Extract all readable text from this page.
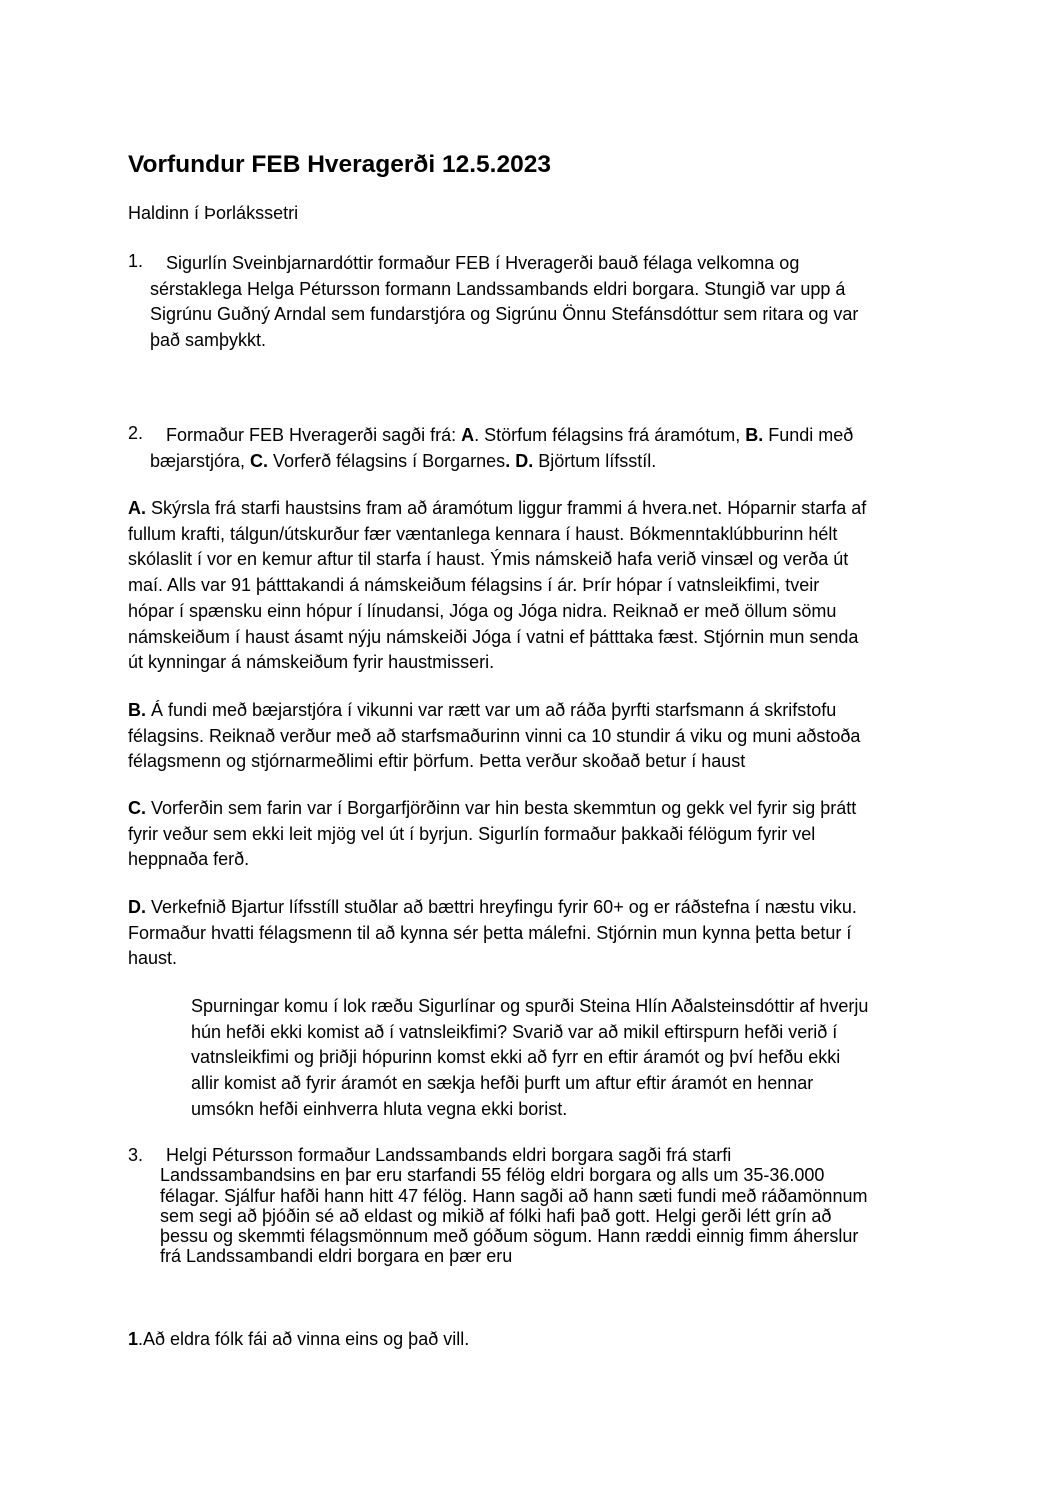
Vorfundur FEB Hveragerði 12.5.2023
Haldinn í Þorlákssetri
1.	Sigurlín Sveinbjarnardóttir formaður FEB í Hveragerði bauð félaga velkomna og
sérstaklega Helga Pétursson formann Landssambands eldri borgara. Stungið var upp á
Sigrúnu Guðný Arndal sem fundarstjóra og Sigrúnu Önnu Stefánsdóttur sem ritara og var
það samþykkt.
2.	Formaður FEB Hveragerði sagði frá: A. Störfum félagsins frá áramótum, B. Fundi með
bæjarstjóra, C. Vorferð félagsins í Borgarnes. D. Björtum lífsstíl.
A. Skýrsla frá starfi haustsins fram að áramótum liggur frammi á hvera.net. Hóparnir starfa af
fullum krafti, tálgun/útskurður fær væntanlega kennara í haust. Bókmenntaklúbburinn hélt
skólaslit í vor en kemur aftur til starfa í haust. Ýmis námskeið hafa verið vinsæl og verða út
maí. Alls var 91 þátttakandi á námskeiðum félagsins í ár. Þrír hópar í vatnsleikfimi, tveir
hópar í spænsku einn hópur í línudansi, Jóga og Jóga nidra. Reiknað er með öllum sömu
námskeiðum í haust ásamt nýju námskeiði Jóga í vatni ef þátttaka fæst. Stjórnin mun senda
út kynningar á námskeiðum fyrir haustmisseri.
B. Á fundi með bæjarstjóra í vikunni var rætt var um að ráða þyrfti starfsmann á skrifstofu
félagsins. Reiknað verður með að starfsmaðurinn vinni ca 10 stundir á viku og muni aðstoða
félagsmenn og stjórnarmeðlimi eftir þörfum. Þetta verður skoðað betur í haust
C. Vorferðin sem farin var í Borgarfjörðinn var hin besta skemmtun og gekk vel fyrir sig þrátt
fyrir veður sem ekki leit mjög vel út í byrjun. Sigurlín formaður þakkaði félögum fyrir vel
heppnaða ferð.
D. Verkefnið Bjartur lífsstíll stuðlar að bættri hreyfingu fyrir 60+ og er ráðstefna í næstu viku.
Formaður hvatti félagsmenn til að kynna sér þetta málefni. Stjórnin mun kynna þetta betur í
haust.
Spurningar komu í lok ræðu Sigurlínar og spurði Steina Hlín Aðalsteinsdóttir af hverju
hún hefði ekki komist að í vatnsleikfimi? Svarið var að mikil eftirspurn hefði verið í
vatnsleikfimi og þriðji hópurinn komst ekki að fyrr en eftir áramót og því hefðu ekki
allir komist að fyrir áramót en sækja hefði þurft um aftur eftir áramót en hennar
umsókn hefði einhverra hluta vegna ekki borist.
3.	Helgi Pétursson formaður Landssambands eldri borgara sagði frá starfi
Landssambandsins en þar eru starfandi 55 félög eldri borgara og alls um 35-36.000
félagar. Sjálfur hafði hann hitt 47 félög. Hann sagði að hann sæti fundi með ráðamönnum
sem segi að þjóðin sé að eldast og mikið af fólki hafi það gott. Helgi gerði létt grín að
þessu og skemmti félagsmönnum með góðum sögum. Hann ræddi einnig fimm áherslur
frá Landssambandi eldri borgara en þær eru
1.Að eldra fólk fái að vinna eins og það vill.
